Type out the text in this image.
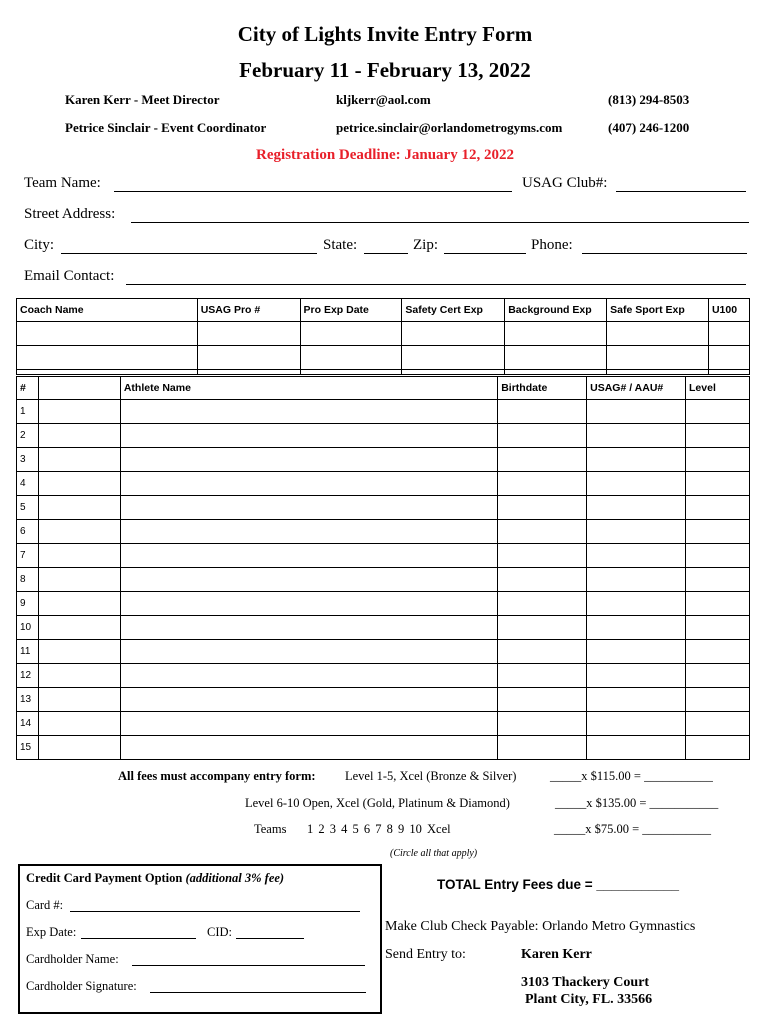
City of Lights Invite Entry Form
February 11 - February 13, 2022
Karen Kerr - Meet Director	kljkerr@aol.com	(813) 294-8503
Petrice Sinclair - Event Coordinator	petrice.sinclair@orlandometrogyms.com	(407) 246-1200
Registration Deadline: January 12, 2022
Team Name:	USAG Club#:
Street Address:
City:	State:	Zip:	Phone:
Email Contact:
Coach Name	USAG Pro #	Pro Exp Date	Safety Cert Exp	Background Exp	Safe Sport Exp	U100

#		Athlete Name	Birthdate	USAG# / AAU#	Level
1					
2					
3					
4					
5					
6					
7					
8					
9					
10					
11					
12					
13					
14					
15					
All fees must accompany entry form: Level 1-5, Xcel (Bronze & Silver)	_____x $115.00 = ___________
Level 6-10 Open, Xcel (Gold, Platinum & Diamond)	_____x $135.00 = ___________
Teams 1 2 3 4 5 6 7 8 9 10 Xcel	_____x $75.00 = ___________
(Circle all that apply)
Credit Card Payment Option (additional 3% fee)
Card #:
Exp Date:	CID:
Cardholder Name:
Cardholder Signature:
TOTAL Entry Fees due = ___________
Make Club Check Payable: Orlando Metro Gymnastics
Send Entry to:	Karen Kerr
3103 Thackery Court
Plant City, FL. 33566
